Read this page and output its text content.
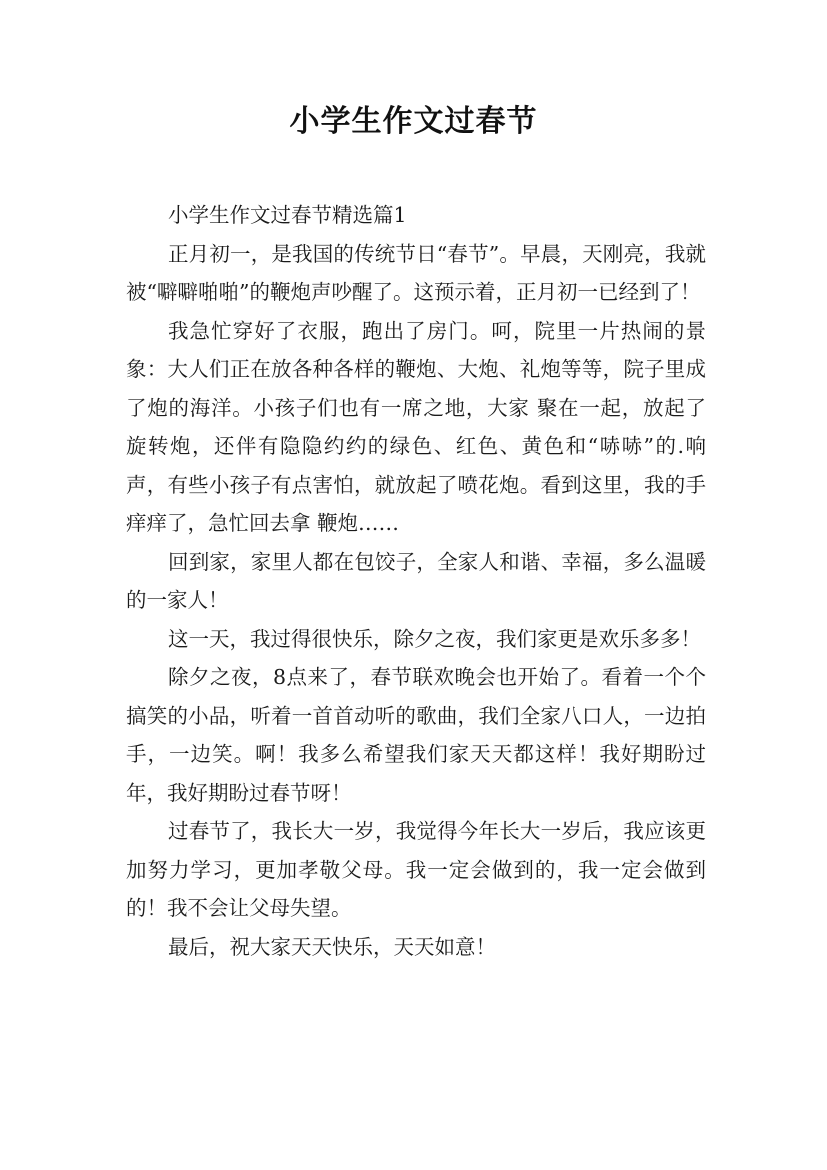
小学生作文过春节

小学生作文过春节精选篇1

正月初一，是我国的传统节日“春节”。早晨，天刚亮，我就被“噼噼啪啪”的鞭炮声吵醒了。这预示着，正月初一已经到了！

我急忙穿好了衣服，跑出了房门。呵，院里一片热闹的景象：大人们正在放各种各样的鞭炮、大炮、礼炮等等，院子里成了炮的海洋。小孩子们也有一席之地，大家 聚在一起，放起了旋转炮，还伴有隐隐约约的绿色、红色、黄色和“哧哧”的.响声，有些小孩子有点害怕，就放起了喷花炮。看到这里，我的手痒痒了，急忙回去拿 鞭炮……

回到家，家里人都在包饺子，全家人和谐、幸福，多么温暖的一家人！

这一天，我过得很快乐，除夕之夜，我们家更是欢乐多多！

除夕之夜，8点来了，春节联欢晚会也开始了。看着一个个搞笑的小品，听着一首首动听的歌曲，我们全家八口人，一边拍手，一边笑。啊！我多么希望我们家天天都这样！我好期盼过年，我好期盼过春节呀！

过春节了，我长大一岁，我觉得今年长大一岁后，我应该更加努力学习，更加孝敬父母。我一定会做到的，我一定会做到的！我不会让父母失望。

最后，祝大家天天快乐，天天如意！
